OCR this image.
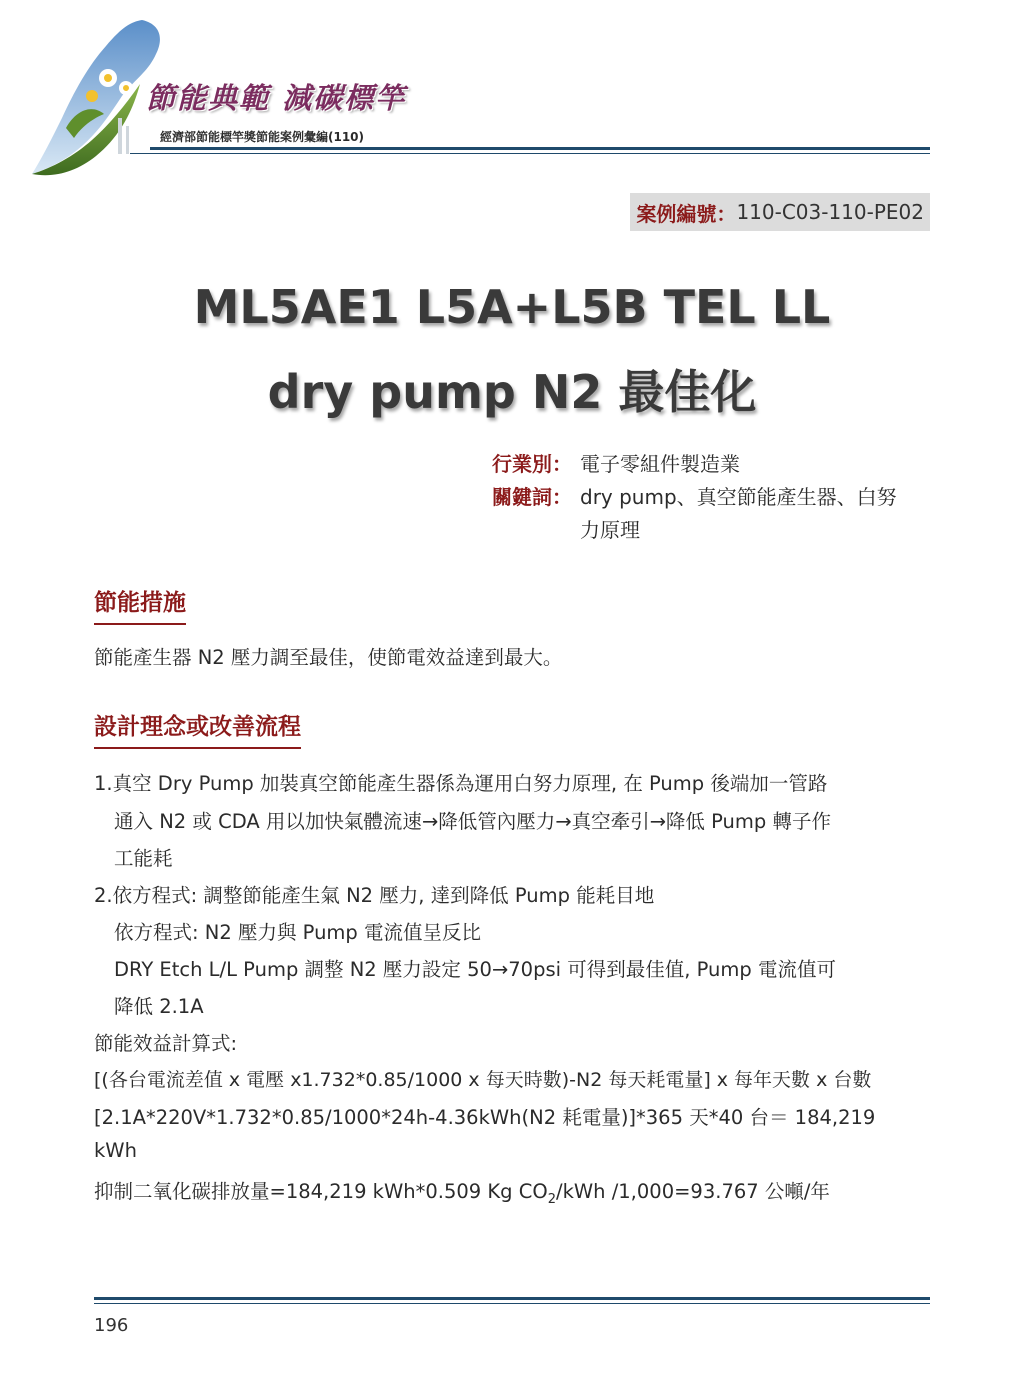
節能典範 減碳標竿
經濟部節能標竿獎節能案例彙編(110)
案例編號： 110-C03-110-PE02
ML5AE1 L5A+L5B TEL LL
dry pump N2 最佳化
行業別： 電子零組件製造業
關鍵詞： dry pump、真空節能產生器、白努
力原理
節能措施
節能產生器 N2 壓力調至最佳，使節電效益達到最大。
設計理念或改善流程
1.真空 Dry Pump 加裝真空節能產生器係為運用白努力原理, 在 Pump 後端加一管路
通入 N2 或 CDA 用以加快氣體流速→降低管內壓力→真空牽引→降低 Pump 轉子作
工能耗
2.依方程式: 調整節能產生氣 N2 壓力, 達到降低 Pump 能耗目地
依方程式: N2 壓力與 Pump 電流值呈反比
DRY Etch L/L Pump 調整 N2 壓力設定 50→70psi 可得到最佳值, Pump 電流值可
降低 2.1A
節能效益計算式:
[(各台電流差值 x 電壓 x1.732*0.85/1000 x 每天時數)-N2 每天耗電量] x 每年天數 x 台數
[2.1A*220V*1.732*0.85/1000*24h-4.36kWh(N2 耗電量)]*365 天*40 台＝ 184,219
kWh
抑制二氧化碳排放量=184,219 kWh*0.509 Kg $CO_2$/kWh /1,000=93.767 公噸/年
196
